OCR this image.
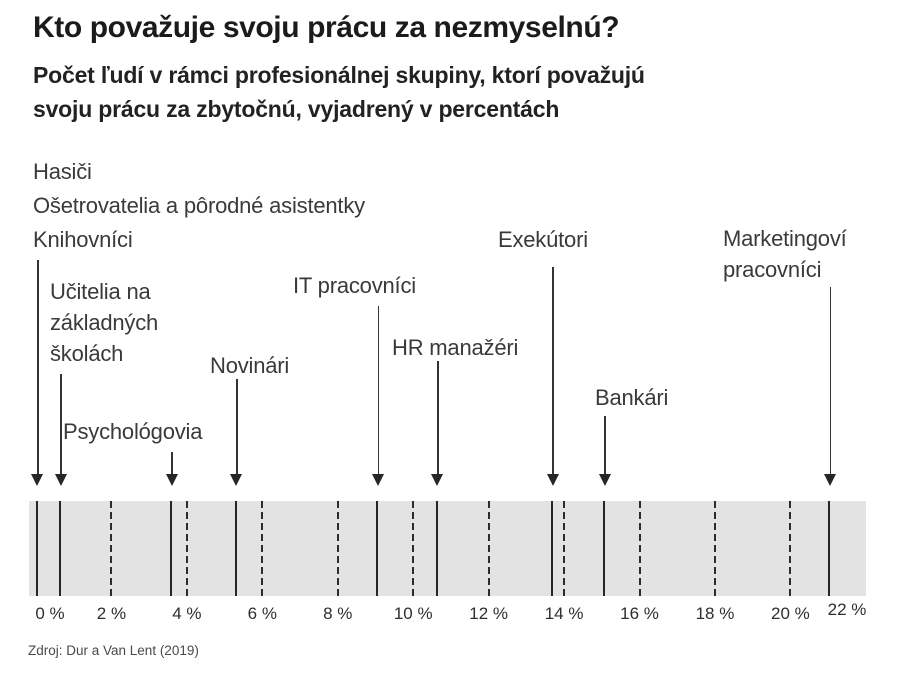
Kto považuje svoju prácu za nezmyselnú?
Počet ľudí v rámci profesionálnej skupiny, ktorí považujú
svoju prácu za zbytočnú, vyjadrený v percentách
Hasiči
Ošetrovatelia a pôrodné asistentky
Knihovníci
Učitelia na
základných
školách
Psychológovia
Novinári
IT pracovníci
HR manažéri
Exekútori
Bankári
Marketingoví
pracovníci
0 %	2 %	4 %	6 %	8 %	10 %	12 %	14 %	16 %	18 %	20 %	22 %
Zdroj: Dur a Van Lent (2019)
